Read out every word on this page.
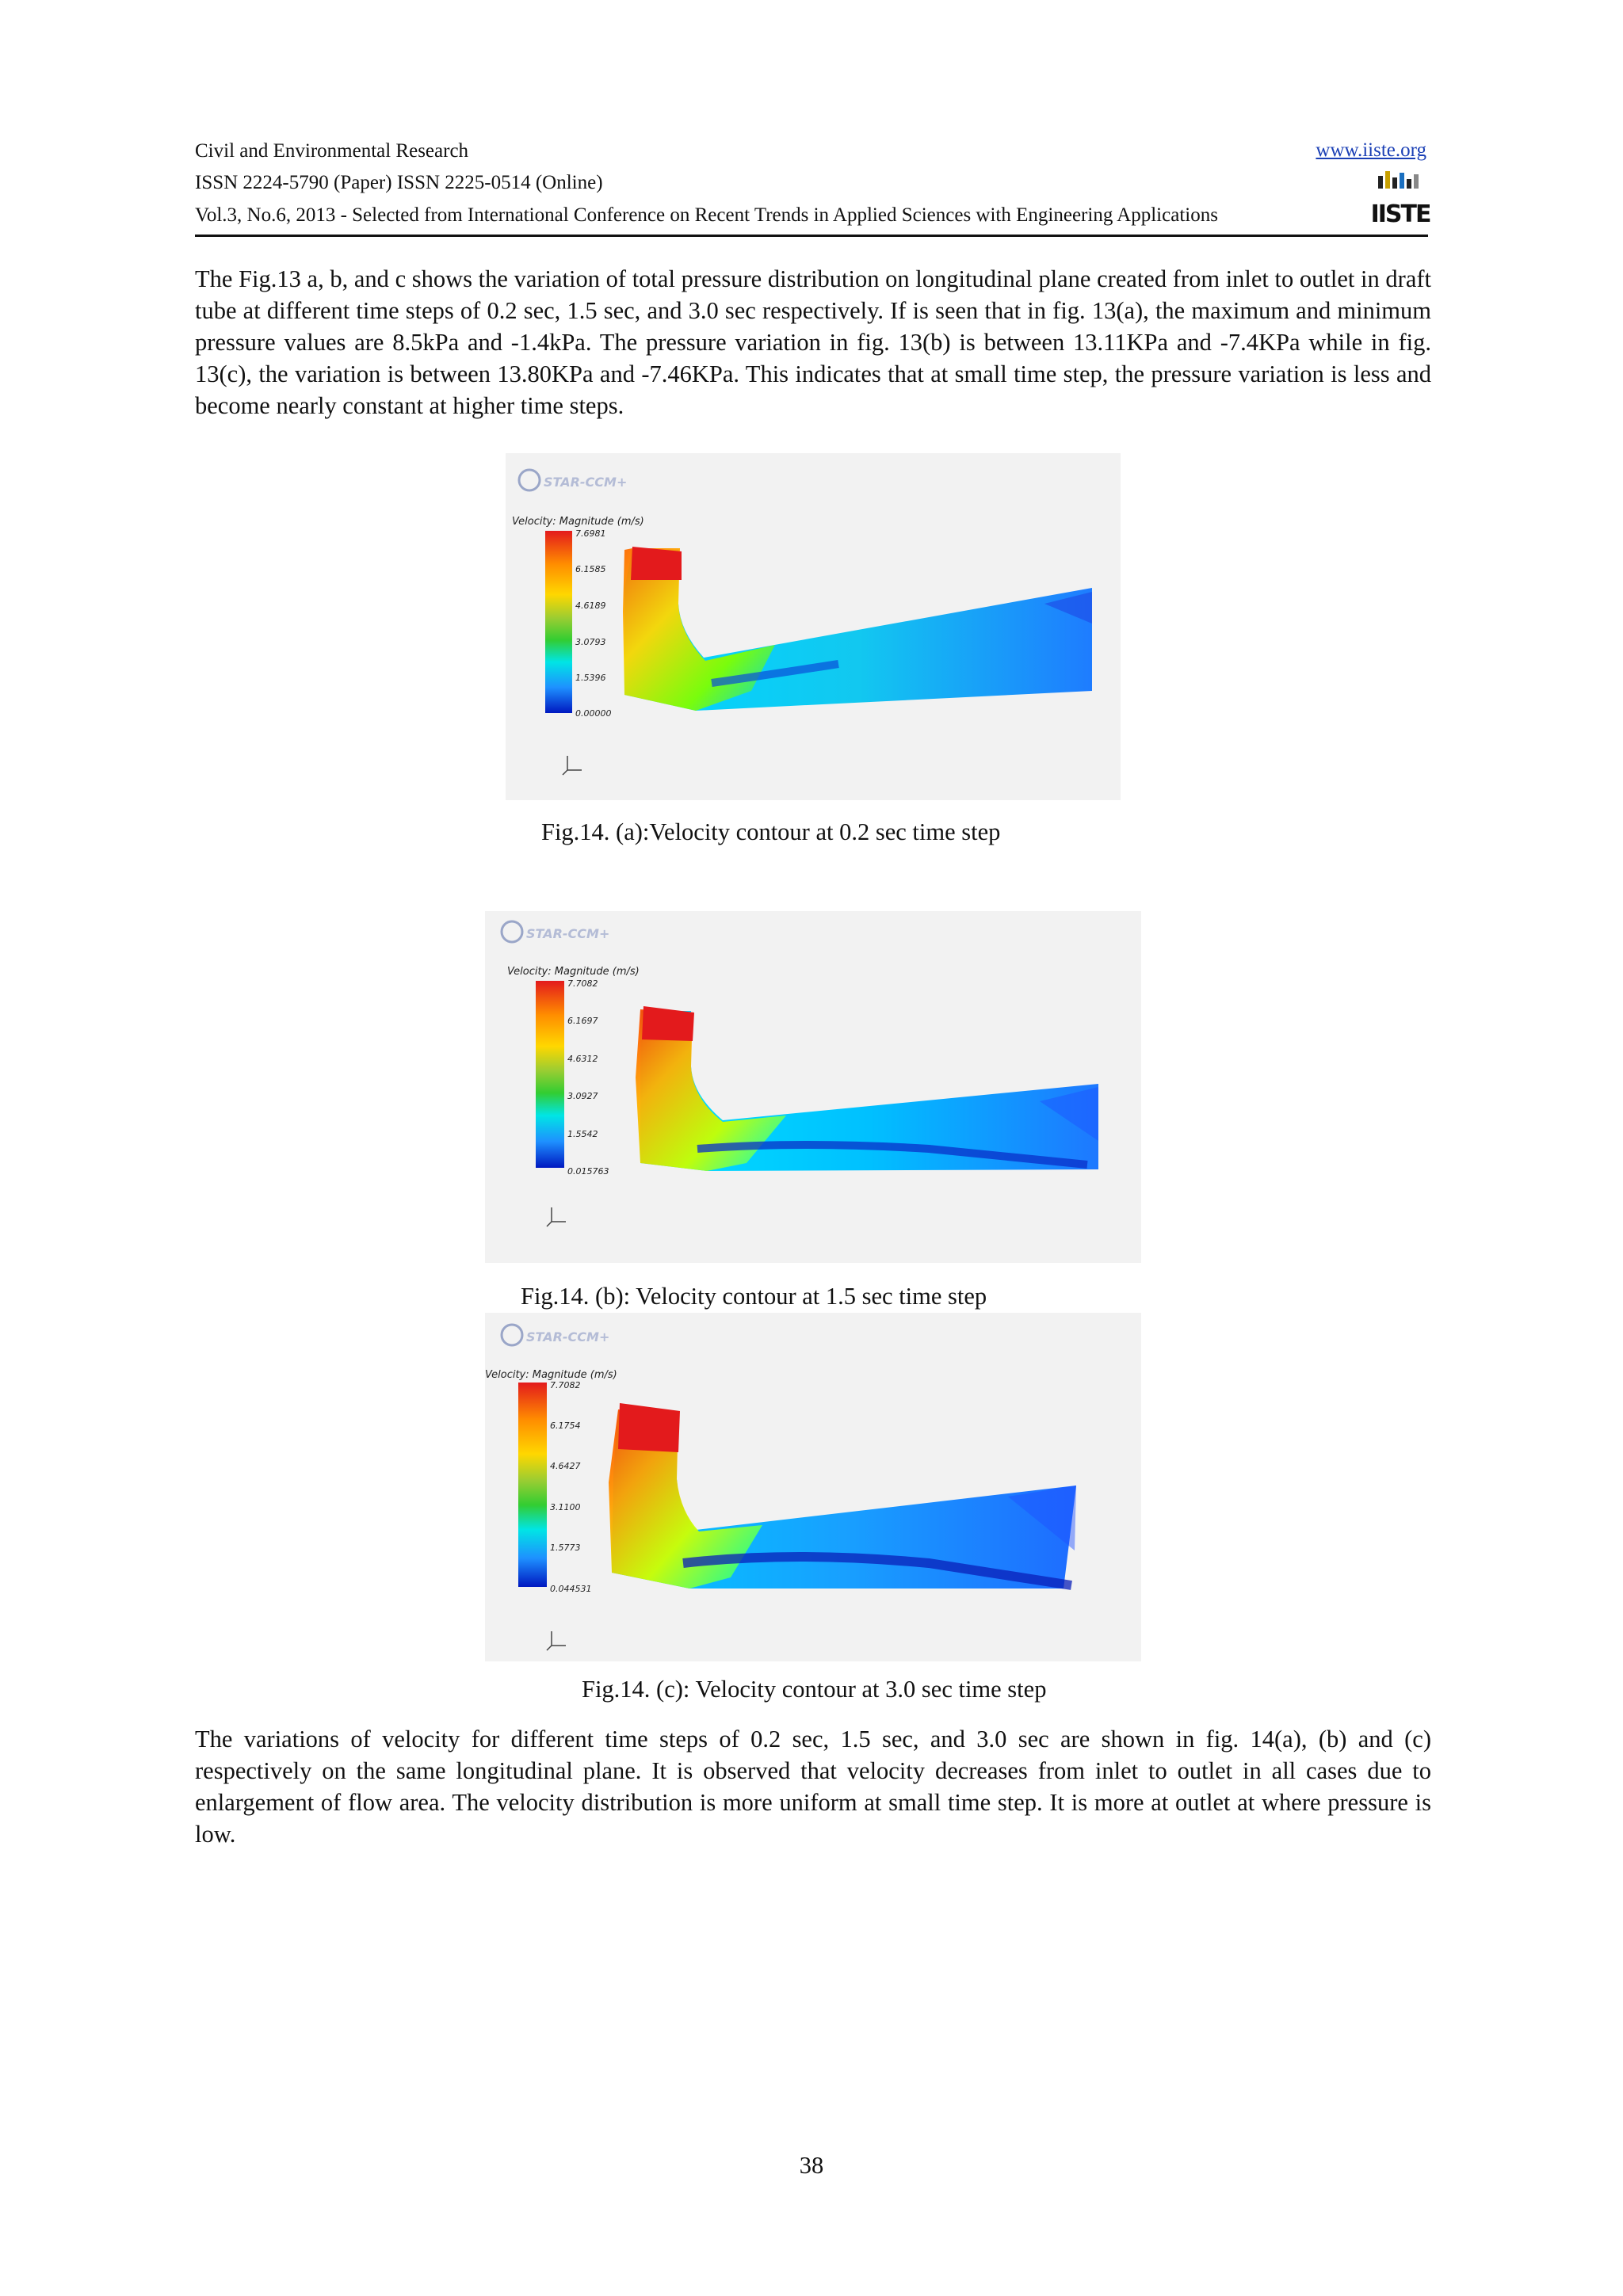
Civil and Environmental Research	www.iiste.org
ISSN 2224-5790 (Paper) ISSN 2225-0514 (Online)
Vol.3, No.6, 2013 - Selected from International Conference on Recent Trends in Applied Sciences with Engineering Applications	IISTE

The Fig.13 a, b, and c shows the variation of total pressure distribution on longitudinal plane created from inlet to outlet in draft tube at different time steps of 0.2 sec, 1.5 sec, and 3.0 sec respectively. If is seen that in fig. 13(a), the maximum and minimum pressure values are 8.5kPa and -1.4kPa. The pressure variation in fig. 13(b) is between 13.11KPa and -7.4KPa while in fig. 13(c), the variation is between 13.80KPa and -7.46KPa. This indicates that at small time step, the pressure variation is less and become nearly constant at higher time steps.

STAR-CCM+
Velocity: Magnitude (m/s)
7.6981
6.1585
4.6189
3.0793
1.5396
0.00000
Fig.14. (a):Velocity contour at 0.2 sec time step
STAR-CCM+
Velocity: Magnitude (m/s)
7.7082
6.1697
4.6312
3.0927
1.5542
0.015763
Fig.14. (b): Velocity contour at 1.5 sec time step
STAR-CCM+
Velocity: Magnitude (m/s)
7.7082
6.1754
4.6427
3.1100
1.5773
0.044531
Fig.14. (c): Velocity contour at 3.0 sec time step

The variations of velocity for different time steps of 0.2 sec, 1.5 sec, and 3.0 sec are shown in fig. 14(a), (b) and (c) respectively on the same longitudinal plane. It is observed that velocity decreases from inlet to outlet in all cases due to enlargement of flow area. The velocity distribution is more uniform at small time step. It is more at outlet at where pressure is low.

38
